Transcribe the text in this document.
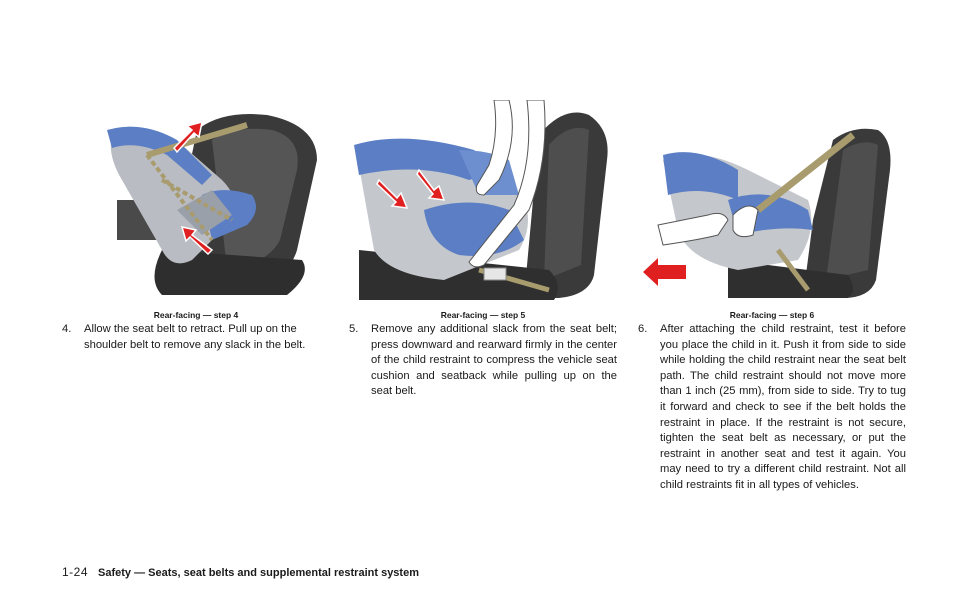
Rear-facing — step 4
4.	Allow the seat belt to retract. Pull up on the shoulder belt to remove any slack in the belt.
Rear-facing — step 5
5.	Remove any additional slack from the seat belt; press downward and rearward firmly in the center of the child restraint to compress the vehicle seat cushion and seatback while pulling up on the seat belt.
Rear-facing — step 6
6.	After attaching the child restraint, test it before you place the child in it. Push it from side to side while holding the child restraint near the seat belt path. The child restraint should not move more than 1 inch (25 mm), from side to side. Try to tug it forward and check to see if the belt holds the restraint in place. If the restraint is not secure, tighten the seat belt as necessary, or put the restraint in another seat and test it again. You may need to try a different child restraint. Not all child restraints fit in all types of vehicles.
1-24 Safety — Seats, seat belts and supplemental restraint system
